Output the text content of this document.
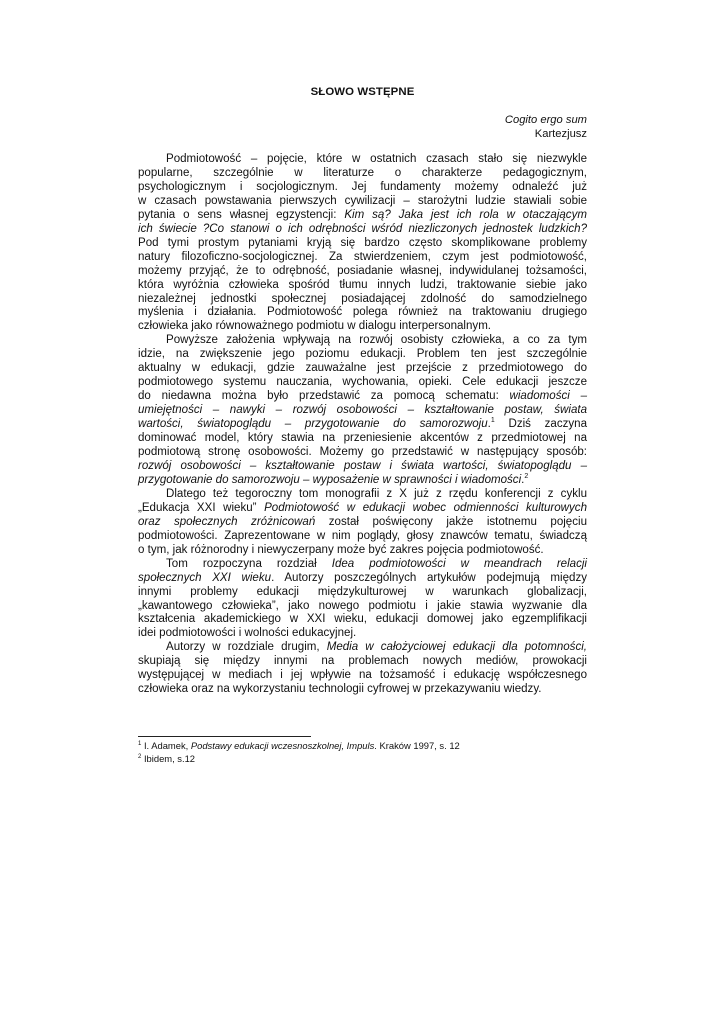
SŁOWO WSTĘPNE
Cogito ergo sum
Kartezjusz

Podmiotowość – pojęcie, które w ostatnich czasach stało się niezwykle
popularne, szczególnie w literaturze o charakterze pedagogicznym,
psychologicznym i socjologicznym. Jej fundamenty możemy odnaleźć już
w czasach powstawania pierwszych cywilizacji – starożytni ludzie stawiali sobie
pytania o sens własnej egzystencji: Kim są? Jaka jest ich rola w otaczającym
ich świecie ?Co stanowi o ich odrębności wśród niezliczonych jednostek ludzkich?
Pod tymi prostym pytaniami kryją się bardzo często skomplikowane problemy
natury filozoficzno-socjologicznej. Za stwierdzeniem, czym jest podmiotowość,
możemy przyjąć, że to odrębność, posiadanie własnej, indywidulanej tożsamości,
która wyróżnia człowieka spośród tłumu innych ludzi, traktowanie siebie jako
niezależnej jednostki społecznej posiadającej zdolność do samodzielnego
myślenia i działania. Podmiotowość polega również na traktowaniu drugiego
człowieka jako równoważnego podmiotu w dialogu interpersonalnym.

Powyższe założenia wpływają na rozwój osobisty człowieka, a co za tym
idzie, na zwiększenie jego poziomu edukacji. Problem ten jest szczególnie
aktualny w edukacji, gdzie zauważalne jest przejście z przedmiotowego do
podmiotowego systemu nauczania, wychowania, opieki. Cele edukacji jeszcze
do niedawna można było przedstawić za pomocą schematu: wiadomości –
umiejętności – nawyki – rozwój osobowości – kształtowanie postaw, świata
wartości, światopoglądu – przygotowanie do samorozwoju.$^1$ Dziś zaczyna
dominować model, który stawia na przeniesienie akcentów z przedmiotowej na
podmiotową stronę osobowości. Możemy go przedstawić w następujący sposób:
rozwój osobowości – kształtowanie postaw i świata wartości, światopoglądu –
przygotowanie do samorozwoju – wyposażenie w sprawności i wiadomości.$^2$

Dlatego też tegoroczny tom monografii z X już z rzędu konferencji z cyklu
„Edukacja XXI wieku” Podmiotowość w edukacji wobec odmienności kulturowych
oraz społecznych zróżnicowań został poświęcony jakże istotnemu pojęciu
podmiotowości. Zaprezentowane w nim poglądy, głosy znawców tematu, świadczą
o tym, jak różnorodny i niewyczerpany może być zakres pojęcia podmiotowość.

Tom rozpoczyna rozdział Idea podmiotowości w meandrach relacji
społecznych XXI wieku. Autorzy poszczególnych artykułów podejmują między
innymi problemy edukacji międzykulturowej w warunkach globalizacji,
„kawantowego człowieka”, jako nowego podmiotu i jakie stawia wyzwanie dla
kształcenia akademickiego w XXI wieku, edukacji domowej jako egzemplifikacji
idei podmiotowości i wolności edukacyjnej.

Autorzy w rozdziale drugim, Media w całożyciowej edukacji dla potomności,
skupiają się między innymi na problemach nowych mediów, prowokacji
występującej w mediach i jej wpływie na tożsamość i edukację współczesnego
człowieka oraz na wykorzystaniu technologii cyfrowej w przekazywaniu wiedzy.

$^1$ I. Adamek, Podstawy edukacji wczesnoszkolnej, Impuls. Kraków 1997, s. 12
$^2$ Ibidem, s.12
